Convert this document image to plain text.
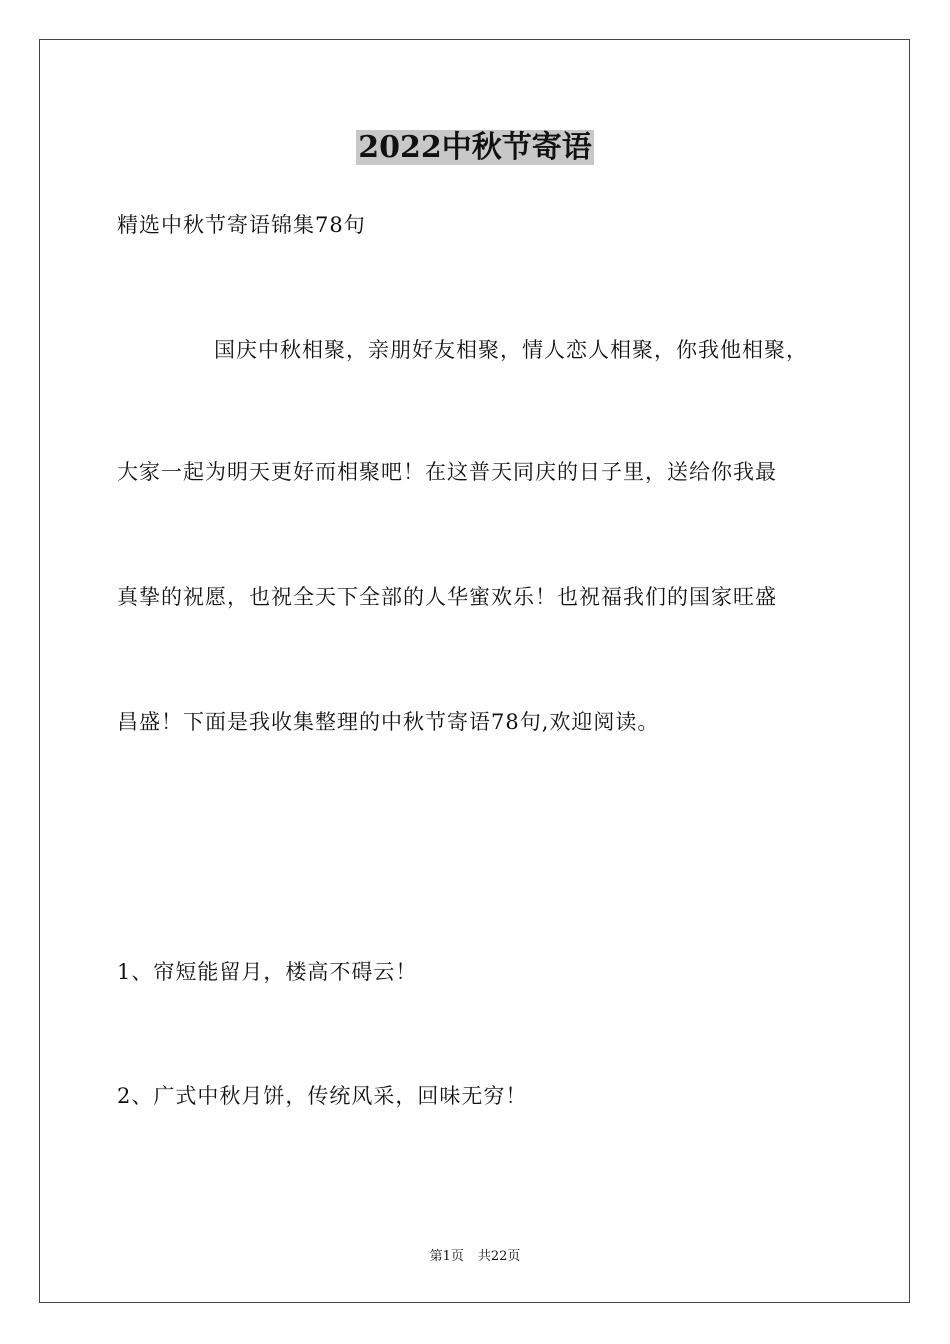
2022中秋节寄语
精选中秋节寄语锦集78句
国庆中秋相聚，亲朋好友相聚，情人恋人相聚，你我他相聚，
大家一起为明天更好而相聚吧！在这普天同庆的日子里，送给你我最
真挚的祝愿，也祝全天下全部的人华蜜欢乐！也祝福我们的国家旺盛
昌盛！下面是我收集整理的中秋节寄语78句,欢迎阅读。
1、帘短能留月，楼高不碍云！
2、广式中秋月饼，传统风采，回味无穷！
第1页 共22页
